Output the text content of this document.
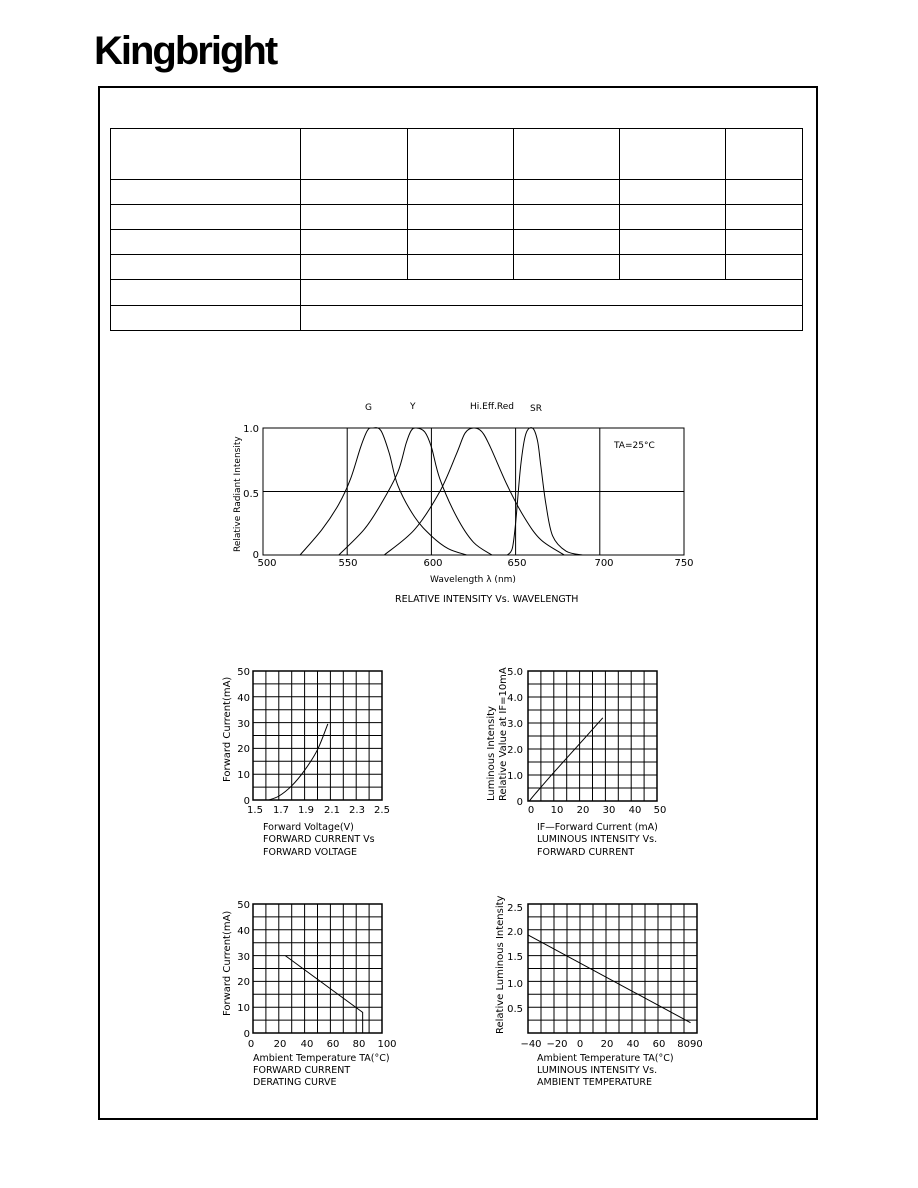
Kingbright

G	Y	Hi.Eff.Red SR
TA=25°C
1.0
0.5
0
500	550	600	650	700	750
Wavelength λ (nm)
Relative Radiant Intensity
RELATIVE INTENSITY Vs. WAVELENGTH
50
40
30
20
10
0
1.5 1.7 1.9 2.1 2.3 2.5
Forward Current(mA)
Forward Voltage(V)
FORWARD CURRENT Vs
FORWARD VOLTAGE
5.0
4.0
3.0
2.0
1.0
0
0 10 20 30 40 50
Luminous Intensity Relative Value at IF=10mA
IF—Forward Current (mA)
LUMINOUS INTENSITY Vs.
FORWARD CURRENT
50
40
30
20
10
0
0 20 40 60 80 100
Forward Current(mA)
Ambient Temperature TA(°C)
FORWARD CURRENT
DERATING CURVE
2.5
2.0
1.5
1.0
0.5
−40 −20 0 20 40 60 8090
Relative Luminous Intensity
Ambient Temperature TA(°C)
LUMINOUS INTENSITY Vs.
AMBIENT TEMPERATURE
